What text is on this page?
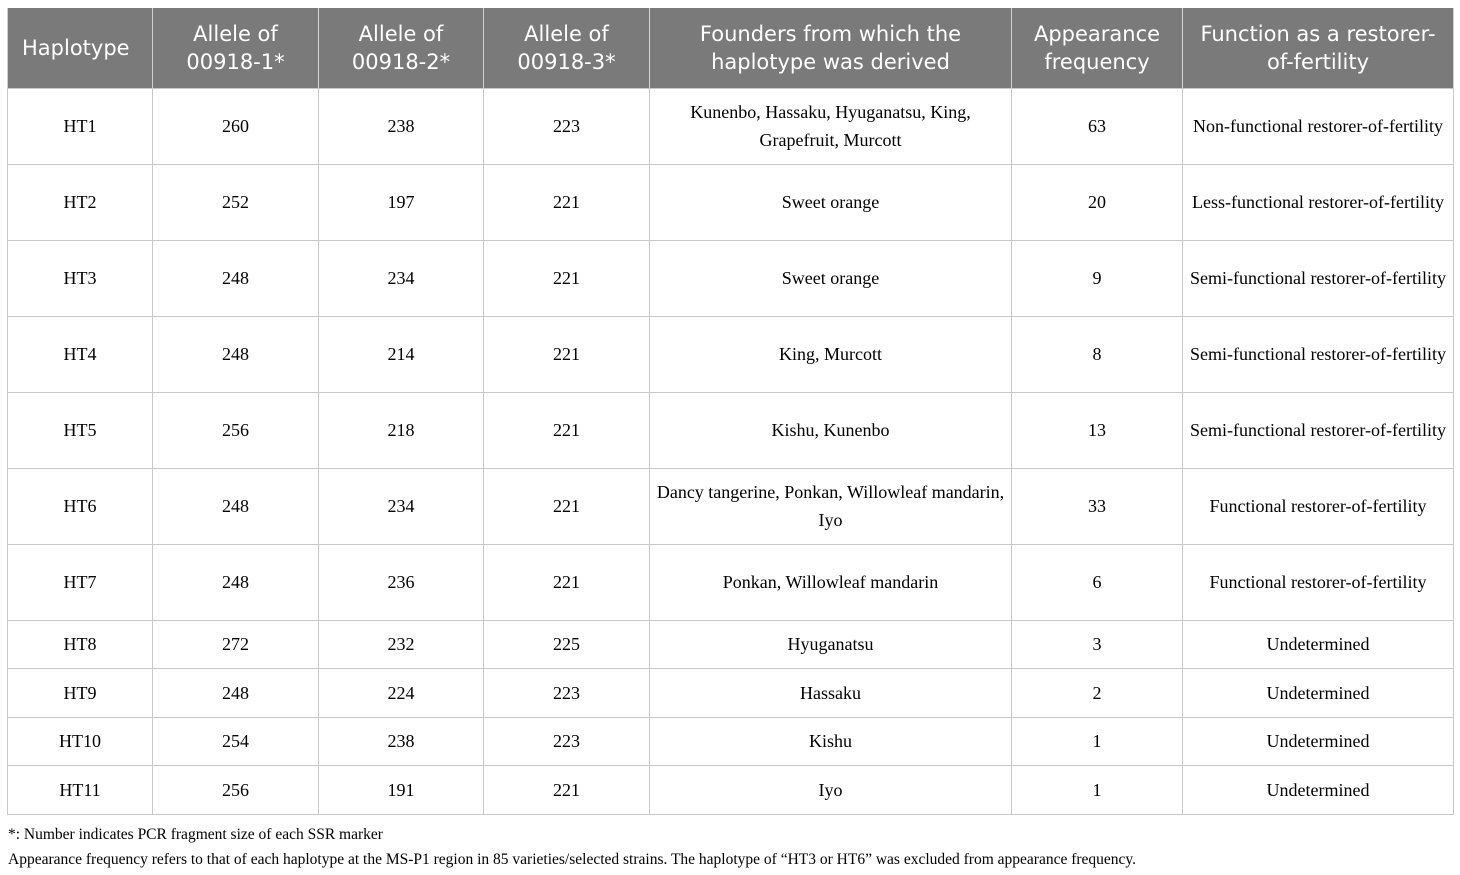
Haplotype	Allele of 00918-1*	Allele of 00918-2*	Allele of 00918-3*	Founders from which the haplotype was derived	Appearance frequency	Function as a restorer-of-fertility
HT1	260	238	223	Kunenbo, Hassaku, Hyuganatsu, King, Grapefruit, Murcott	63	Non-functional restorer-of-fertility
HT2	252	197	221	Sweet orange	20	Less-functional restorer-of-fertility
HT3	248	234	221	Sweet orange	9	Semi-functional restorer-of-fertility
HT4	248	214	221	King, Murcott	8	Semi-functional restorer-of-fertility
HT5	256	218	221	Kishu, Kunenbo	13	Semi-functional restorer-of-fertility
HT6	248	234	221	Dancy tangerine, Ponkan, Willowleaf mandarin, Iyo	33	Functional restorer-of-fertility
HT7	248	236	221	Ponkan, Willowleaf mandarin	6	Functional restorer-of-fertility
HT8	272	232	225	Hyuganatsu	3	Undetermined
HT9	248	224	223	Hassaku	2	Undetermined
HT10	254	238	223	Kishu	1	Undetermined
HT11	256	191	221	Iyo	1	Undetermined
*: Number indicates PCR fragment size of each SSR marker
Appearance frequency refers to that of each haplotype at the MS-P1 region in 85 varieties/selected strains. The haplotype of “HT3 or HT6” was excluded from appearance frequency.
